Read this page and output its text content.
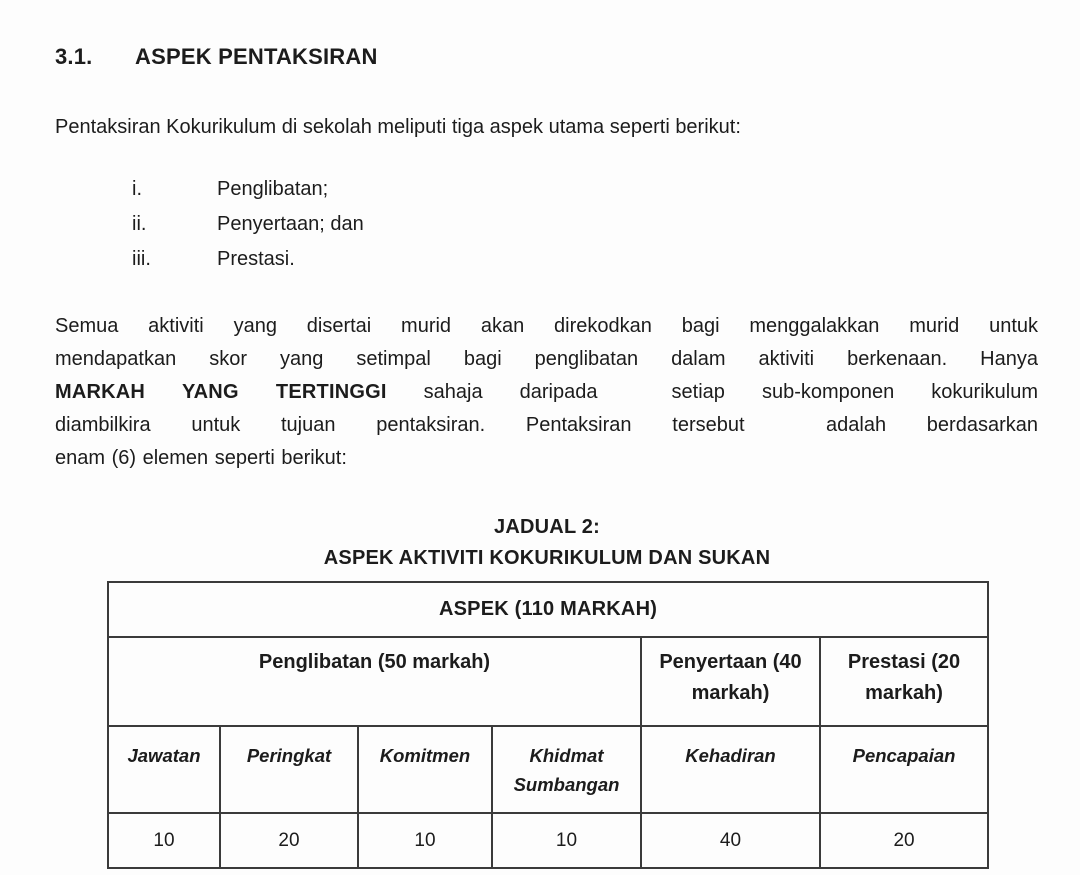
3.1.	ASPEK PENTAKSIRAN
Pentaksiran Kokurikulum di sekolah meliputi tiga aspek utama seperti berikut:
i.	Penglibatan;
ii.	Penyertaan; dan
iii.	Prestasi.
Semua aktiviti yang disertai murid akan direkodkan bagi menggalakkan murid untuk
mendapatkan skor yang setimpal bagi penglibatan dalam aktiviti berkenaan. Hanya
MARKAH YANG TERTINGGI sahaja daripada  setiap sub-komponen kokurikulum
diambilkira untuk tujuan pentaksiran. Pentaksiran tersebut  adalah berdasarkan
enam (6) elemen seperti berikut:
JADUAL 2:
ASPEK AKTIVITI KOKURIKULUM DAN SUKAN
ASPEK (110 MARKAH)					
Penglibatan (50 markah)				Penyertaan (40 markah)	Prestasi (20 markah)
Jawatan	Peringkat	Komitmen	Khidmat Sumbangan	Kehadiran	Pencapaian
10	20	10	10	40	20
